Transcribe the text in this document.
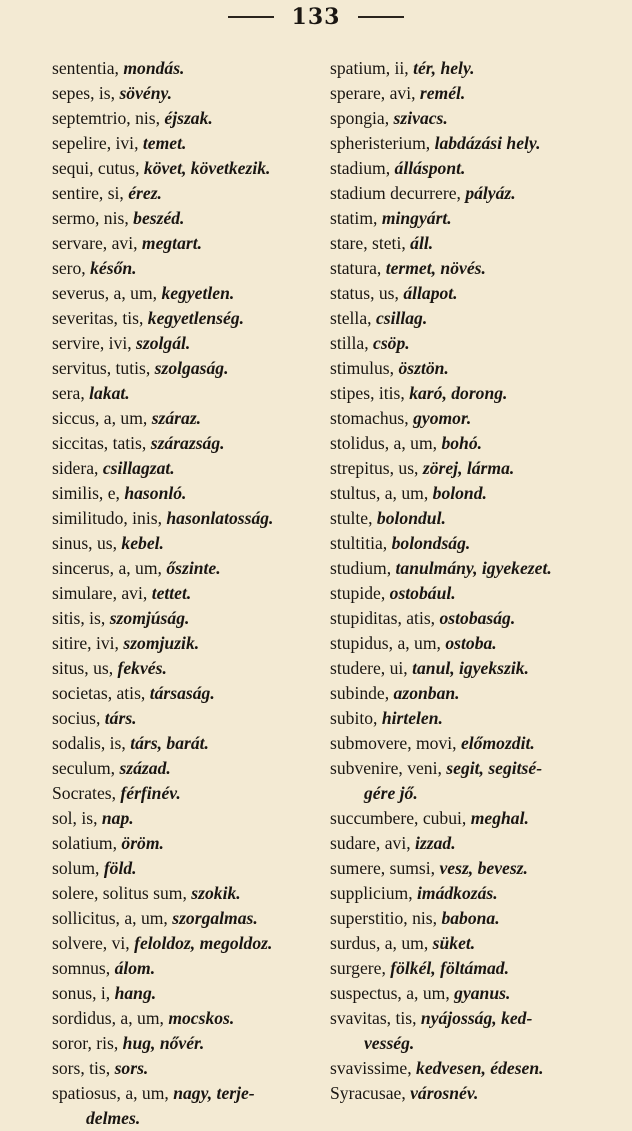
133
sententia, mondás.
sepes, is, sövény.
septemtrio, nis, éjszak.
sepelire, ivi, temet.
sequi, cutus, követ, következik.
sentire, si, érez.
sermo, nis, beszéd.
servare, avi, megtart.
sero, későn.
severus, a, um, kegyetlen.
severitas, tis, kegyetlenség.
servire, ivi, szolgál.
servitus, tutis, szolgaság.
sera, lakat.
siccus, a, um, száraz.
siccitas, tatis, szárazság.
sidera, csillagzat.
similis, e, hasonló.
similitudo, inis, hasonlatosság.
sinus, us, kebel.
sincerus, a, um, őszinte.
simulare, avi, tettet.
sitis, is, szomjúság.
sitire, ivi, szomjuzik.
situs, us, fekvés.
societas, atis, társaság.
socius, társ.
sodalis, is, társ, barát.
seculum, század.
Socrates, férfinév.
sol, is, nap.
solatium, öröm.
solum, föld.
solere, solitus sum, szokik.
sollicitus, a, um, szorgalmas.
solvere, vi, feloldoz, megoldoz.
somnus, álom.
sonus, i, hang.
sordidus, a, um, mocskos.
soror, ris, hug, nővér.
sors, tis, sors.
spatiosus, a, um, nagy, terje-
delmes.
spatium, ii, tér, hely.
sperare, avi, remél.
spongia, szivacs.
spheristerium, labdázási hely.
stadium, álláspont.
stadium decurrere, pályáz.
statim, mingyárt.
stare, steti, áll.
statura, termet, növés.
status, us, állapot.
stella, csillag.
stilla, csöp.
stimulus, ösztön.
stipes, itis, karó, dorong.
stomachus, gyomor.
stolidus, a, um, bohó.
strepitus, us, zörej, lárma.
stultus, a, um, bolond.
stulte, bolondul.
stultitia, bolondság.
studium, tanulmány, igyekezet.
stupide, ostobául.
stupiditas, atis, ostobaság.
stupidus, a, um, ostoba.
studere, ui, tanul, igyekszik.
subinde, azonban.
subito, hirtelen.
submovere, movi, előmozdit.
subvenire, veni, segit, segitsé-
gére jő.
succumbere, cubui, meghal.
sudare, avi, izzad.
sumere, sumsi, vesz, bevesz.
supplicium, imádkozás.
superstitio, nis, babona.
surdus, a, um, süket.
surgere, fölkél, föltámad.
suspectus, a, um, gyanus.
svavitas, tis, nyájosság, ked-
vesség.
svavissime, kedvesen, édesen.
Syracusae, városnév.
